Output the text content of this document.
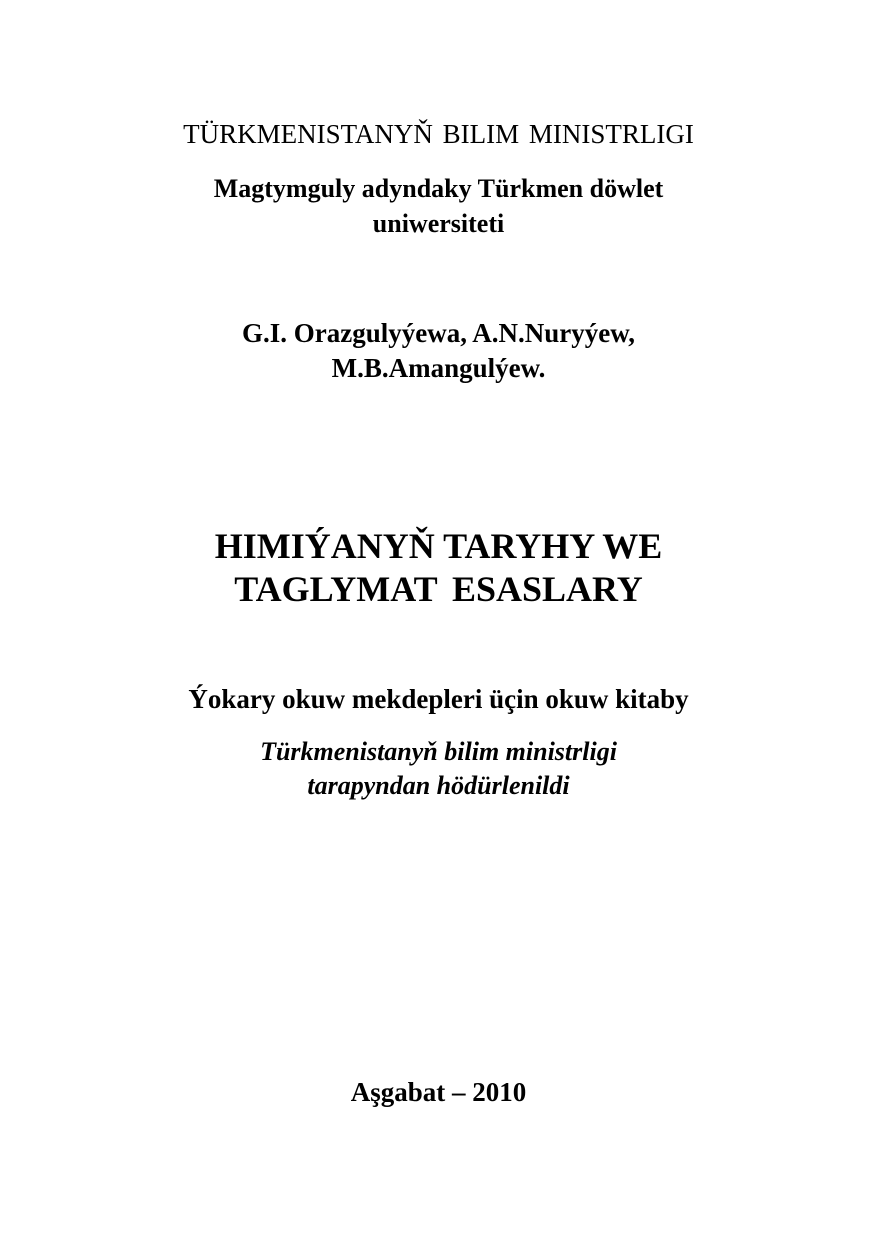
TÜRKMENISTANYŇ BILIM MINISTRLIGI
Magtymguly adyndaky Türkmen döwlet
uniwersiteti
G.I. Orazgulyýewa, A.N.Nuryýew,
M.B.Amangulýew.
HIMIÝANYŇ TARYHY WE
TAGLYMAT ESASLARY
Ýokary okuw mekdepleri üçin okuw kitaby
Türkmenistanyň bilim ministrligi
tarapyndan hödürlenildi
Aşgabat – 2010
